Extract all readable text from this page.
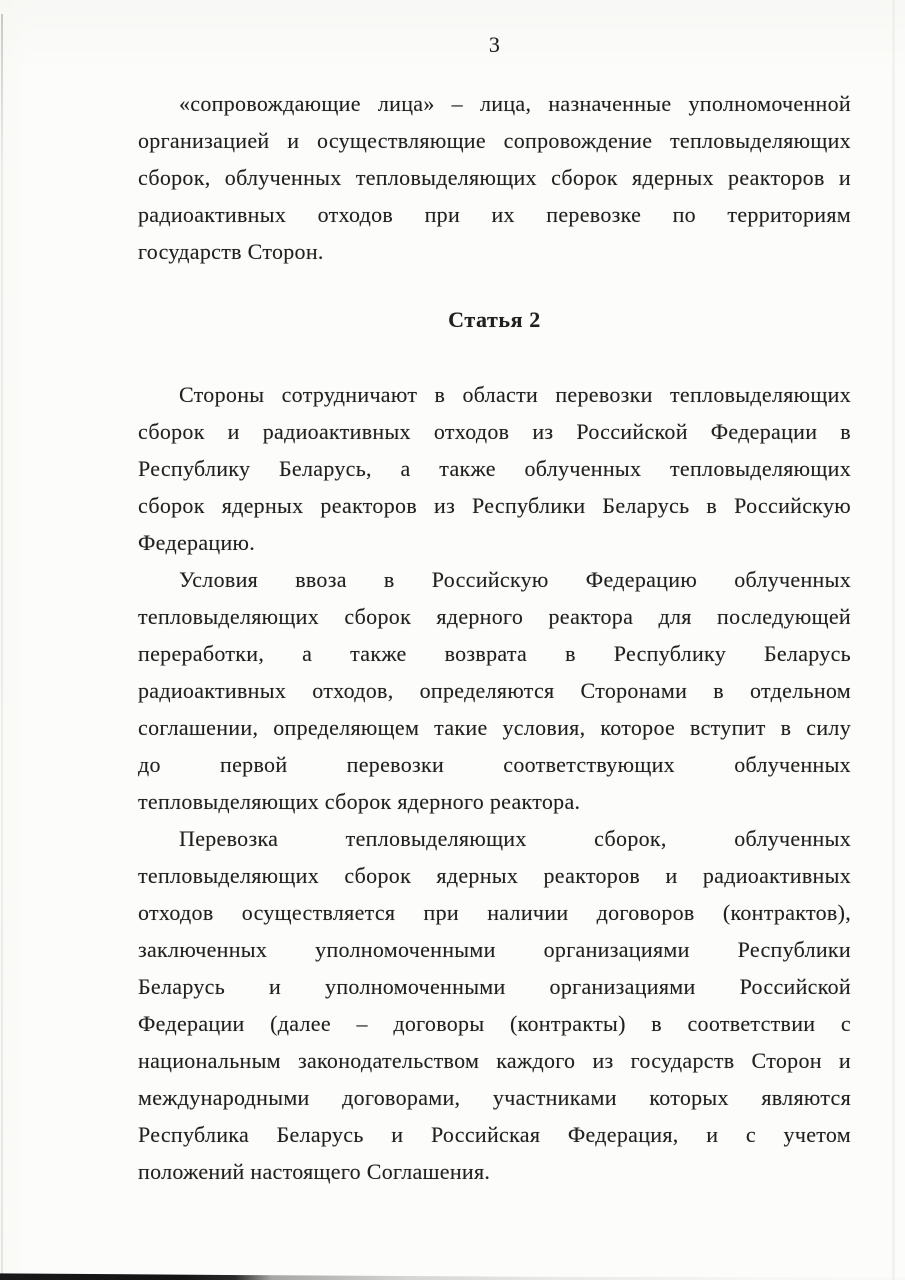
3
«сопровождающие лица» – лица, назначенные уполномоченной
организацией и осуществляющие сопровождение тепловыделяющих
сборок, облученных тепловыделяющих сборок ядерных реакторов и
радиоактивных отходов при их перевозке по территориям
государств Сторон.
Статья 2
Стороны сотрудничают в области перевозки тепловыделяющих
сборок и радиоактивных отходов из Российской Федерации в
Республику Беларусь, а также облученных тепловыделяющих
сборок ядерных реакторов из Республики Беларусь в Российскую
Федерацию.
Условия ввоза в Российскую Федерацию облученных
тепловыделяющих сборок ядерного реактора для последующей
переработки, а также возврата в Республику Беларусь
радиоактивных отходов, определяются Сторонами в отдельном
соглашении, определяющем такие условия, которое вступит в силу
до первой перевозки соответствующих облученных
тепловыделяющих сборок ядерного реактора.
Перевозка тепловыделяющих сборок, облученных
тепловыделяющих сборок ядерных реакторов и радиоактивных
отходов осуществляется при наличии договоров (контрактов),
заключенных уполномоченными организациями Республики
Беларусь и уполномоченными организациями Российской
Федерации (далее – договоры (контракты) в соответствии с
национальным законодательством каждого из государств Сторон и
международными договорами, участниками которых являются
Республика Беларусь и Российская Федерация, и с учетом
положений настоящего Соглашения.
